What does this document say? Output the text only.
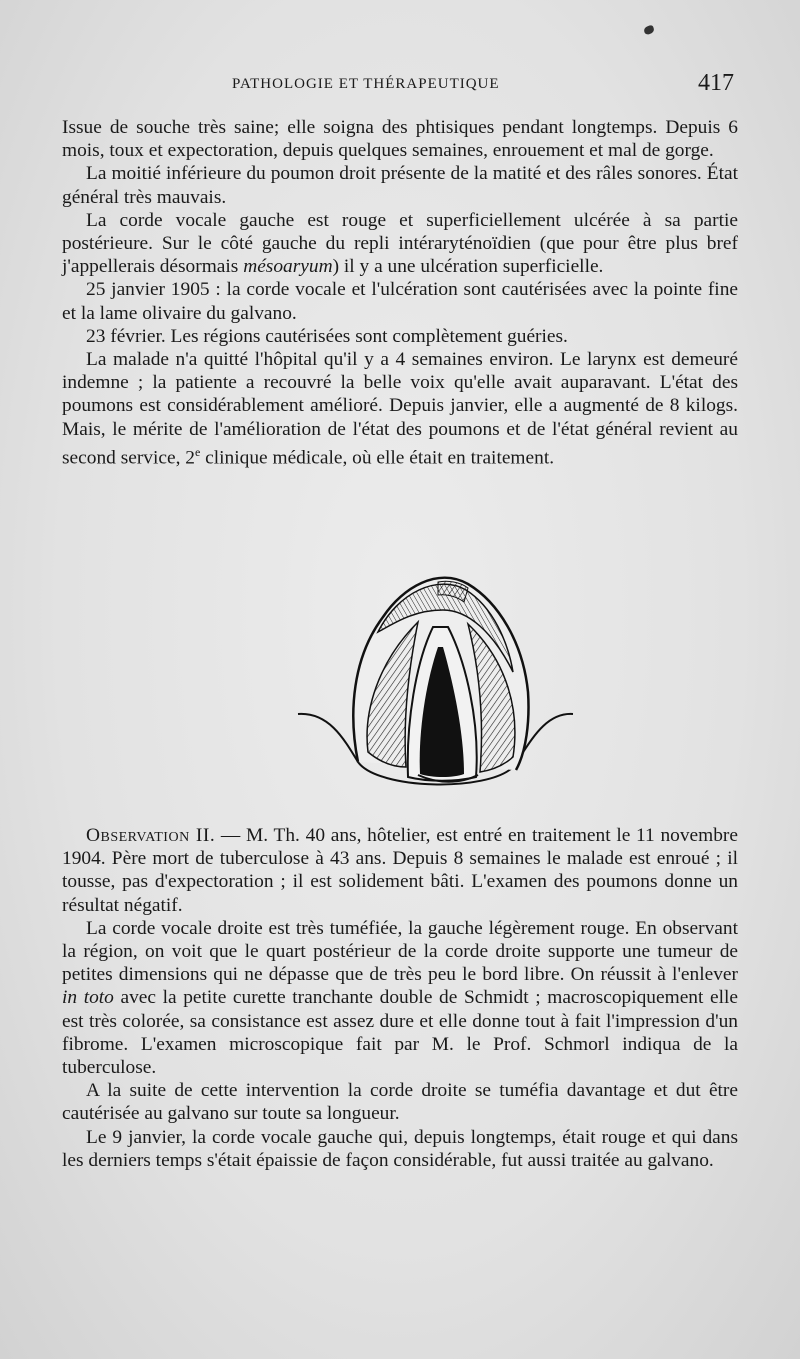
PATHOLOGIE ET THÉRAPEUTIQUE	417

Issue de souche très saine; elle soigna des phtisiques pendant longtemps. Depuis 6 mois, toux et expectoration, depuis quelques semaines, enrouement et mal de gorge.

La moitié inférieure du poumon droit présente de la matité et des râles sonores. État général très mauvais.

La corde vocale gauche est rouge et superficiellement ulcérée à sa partie postérieure. Sur le côté gauche du repli intéraryténoïdien (que pour être plus bref j'appellerais désormais mésoaryum) il y a une ulcération superficielle.

25 janvier 1905 : la corde vocale et l'ulcération sont cautérisées avec la pointe fine et la lame olivaire du galvano.

23 février. Les régions cautérisées sont complètement guéries.

La malade n'a quitté l'hôpital qu'il y a 4 semaines environ. Le larynx est demeuré indemne ; la patiente a recouvré la belle voix qu'elle avait auparavant. L'état des poumons est considérablement amélioré. Depuis janvier, elle a augmenté de 8 kilogs. Mais, le mérite de l'amélioration de l'état des poumons et de l'état général revient au second service, 2e clinique médicale, où elle était en traitement.

Observation II. — M. Th. 40 ans, hôtelier, est entré en traitement le 11 novembre 1904. Père mort de tuberculose à 43 ans. Depuis 8 semaines le malade est enroué ; il tousse, pas d'expectoration ; il est solidement bâti. L'examen des poumons donne un résultat négatif.

La corde vocale droite est très tuméfiée, la gauche légèrement rouge. En observant la région, on voit que le quart postérieur de la corde droite supporte une tumeur de petites dimensions qui ne dépasse que de très peu le bord libre. On réussit à l'enlever in toto avec la petite curette tranchante double de Schmidt ; macroscopiquement elle est très colorée, sa consistance est assez dure et elle donne tout à fait l'impression d'un fibrome. L'examen microscopique fait par M. le Prof. Schmorl indiqua de la tuberculose.

A la suite de cette intervention la corde droite se tuméfia davantage et dut être cautérisée au galvano sur toute sa longueur.

Le 9 janvier, la corde vocale gauche qui, depuis longtemps, était rouge et qui dans les derniers temps s'était épaissie de façon considérable, fut aussi traitée au galvano.
